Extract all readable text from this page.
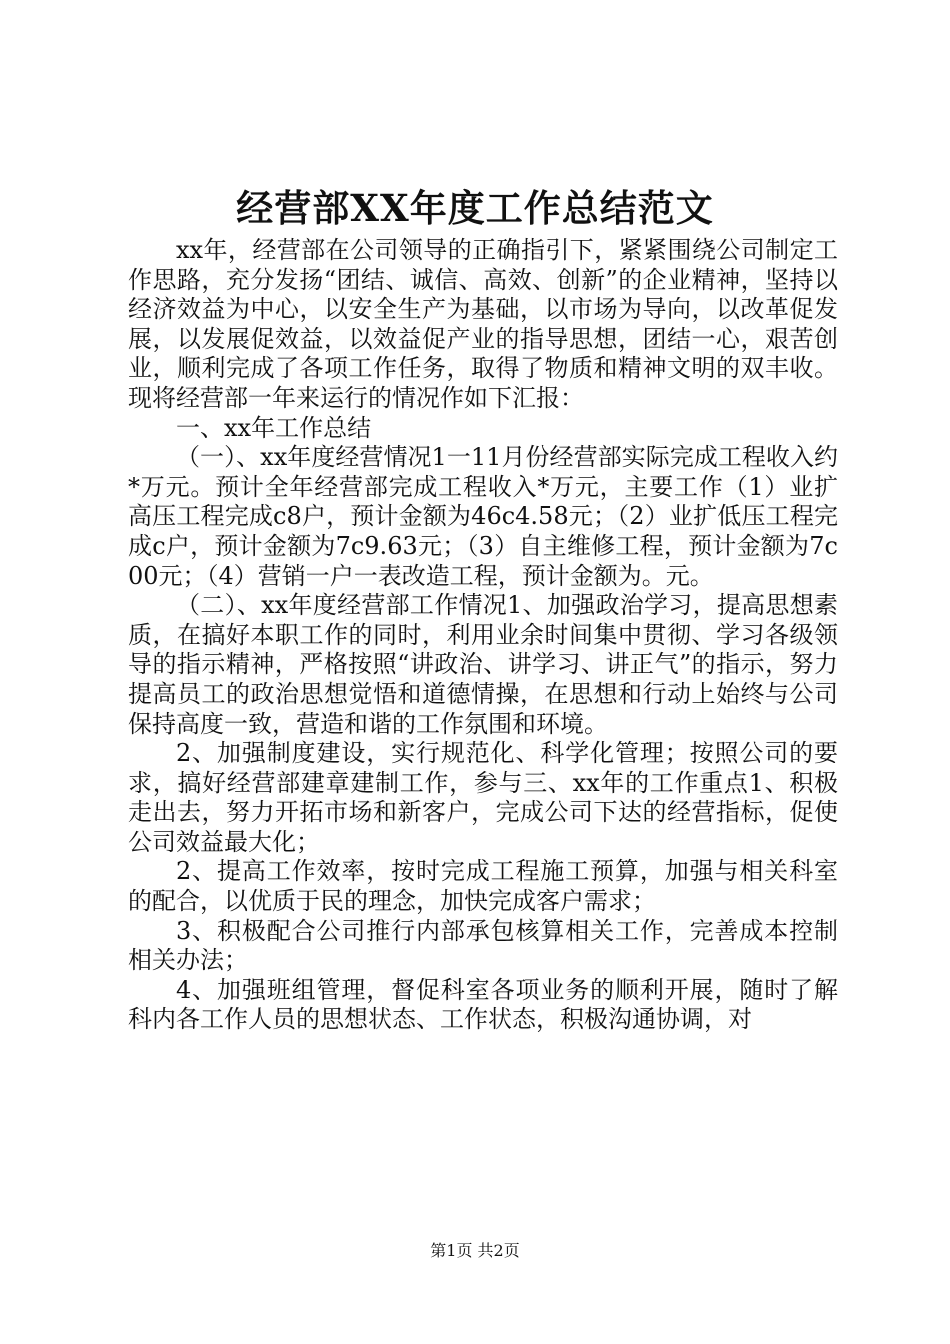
经营部XX年度工作总结范文

xx年，经营部在公司领导的正确指引下，紧紧围绕公司制定工作思路，充分发扬“团结、诚信、高效、创新”的企业精神，坚持以经济效益为中心，以安全生产为基础，以市场为导向，以改革促发展，以发展促效益，以效益促产业的指导思想，团结一心，艰苦创业，顺利完成了各项工作任务，取得了物质和精神文明的双丰收。现将经营部一年来运行的情况作如下汇报：

一、xx年工作总结

（一）、xx年度经营情况1一11月份经营部实际完成工程收入约*万元。预计全年经营部完成工程收入*万元，主要工作（1）业扩高压工程完成c8户，预计金额为46c4.58元；（2）业扩低压工程完成c户，预计金额为7c9.63元；（3）自主维修工程，预计金额为7c00元；（4）营销一户一表改造工程，预计金额为。元。

（二）、xx年度经营部工作情况1、加强政治学习，提高思想素质，在搞好本职工作的同时，利用业余时间集中贯彻、学习各级领导的指示精神，严格按照“讲政治、讲学习、讲正气”的指示，努力提高员工的政治思想觉悟和道德情操，在思想和行动上始终与公司保持高度一致，营造和谐的工作氛围和环境。

2、加强制度建设，实行规范化、科学化管理；按照公司的要求，搞好经营部建章建制工作，参与三、xx年的工作重点1、积极走出去，努力开拓市场和新客户，完成公司下达的经营指标，促使公司效益最大化；

2、提高工作效率，按时完成工程施工预算，加强与相关科室的配合，以优质于民的理念，加快完成客户需求；

3、积极配合公司推行内部承包核算相关工作，完善成本控制相关办法；

4、加强班组管理，督促科室各项业务的顺利开展，随时了解科内各工作人员的思想状态、工作状态，积极沟通协调，对

第1页 共2页
